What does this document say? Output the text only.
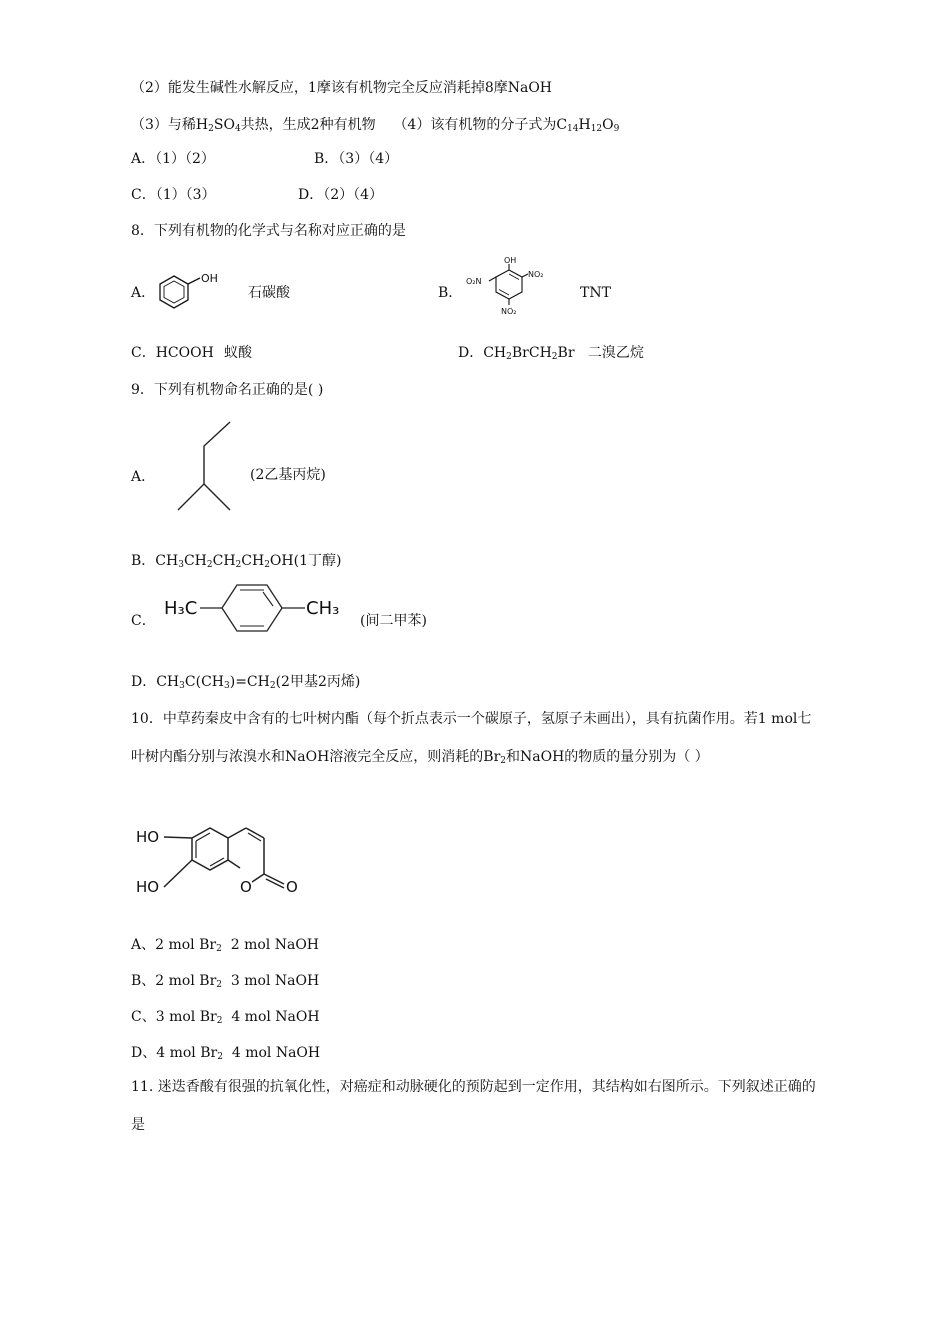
（2）能发生碱性水解反应，1摩该有机物完全反应消耗掉8摩NaOH
（3）与稀$H_2SO_4$共热，生成2种有机物 （4）该有机物的分子式为$C_{14}H_{12}O_9$
A．（1）（2）	B．（3）（4）
C．（1）（3）	D．（2）（4）
8．下列有机物的化学式与名称对应正确的是
A．
OH
石碳酸	B．
OH
O₂N
NO₂
NO₂
TNT
C．HCOOH 蚁酸	D．$CH_2BrCH_2Br$ 二溴乙烷
9．下列有机物命名正确的是( )
A．	(2乙基丙烷)
B．$CH_3CH_2CH_2CH_2OH(1$丁醇)
C．
H₃C	CH₃
(间二甲苯)
D．$CH_3C(CH_3)=CH_2(2$甲基2丙烯)
10．中草药秦皮中含有的七叶树内酯（每个折点表示一个碳原子，氢原子未画出），具有抗菌作用。若1 mol七叶树内酯分别与浓溴水和NaOH溶液完全反应，则消耗的$Br_2$和NaOH的物质的量分别为（ ）
HO
HO	O O
A、2 mol $Br_2$  2 mol NaOH
B、2 mol $Br_2$  3 mol NaOH
C、3 mol $Br_2$  4 mol NaOH
D、4 mol $Br_2$  4 mol NaOH
11. 迷迭香酸有很强的抗氧化性，对癌症和动脉硬化的预防起到一定作用，其结构如右图所示。下列叙述正确的是
